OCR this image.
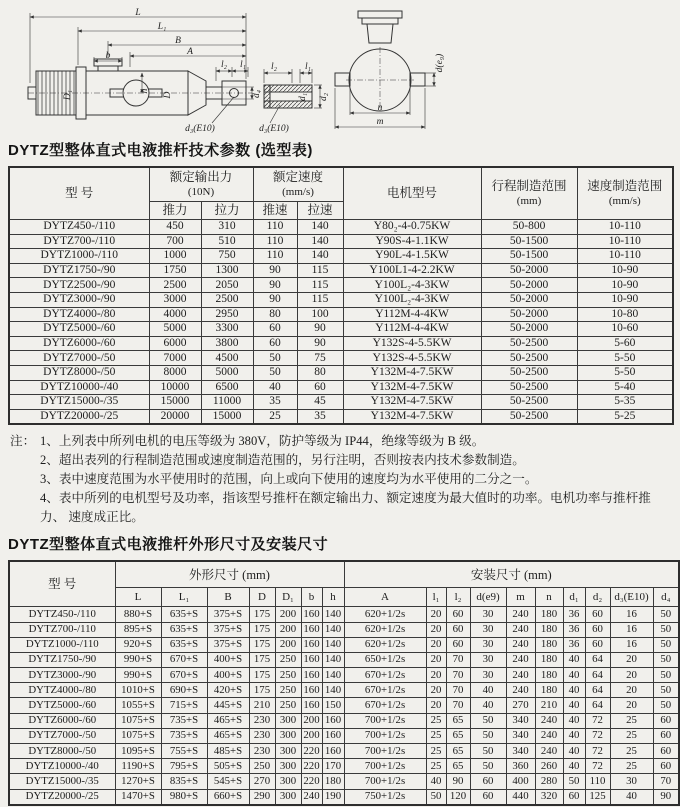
L
L₁
B
A
b
h
D₁	D
l₂ l₁
d₄
d₃(E10)
l₂	l₁
d₁ d₂
d₃(E10)
d(e₉)
n
m
DYTZ型整体直式电液推杆技术参数 (选型表)
型 号	
额定输出力
(10N)

额定速度
(mm/s)	电机型号	
行程制造范围
(mm)

速度制造范围
(mm/s)

	推力	拉力	推速	拉速			
DYTZ450-/110	450	310	110	140	Y80₂-4-0.75KW	50-800	10-110
DYTZ700-/110	700	510	110	140	Y90S-4-1.1KW	50-1500	10-110
DYTZ1000-/110	1000	750	110	140	Y90L-4-1.5KW	50-1500	10-110
DYTZ1750-/90	1750	1300	90	115	Y100L1-4-2.2KW	50-2000	10-90
DYTZ2500-/90	2500	2050	90	115	Y100L₂-4-3KW	50-2000	10-90
DYTZ3000-/90	3000	2500	90	115	Y100L₂-4-3KW	50-2000	10-90
DYTZ4000-/80	4000	2950	80	100	Y112M-4-4KW	50-2000	10-80
DYTZ5000-/60	5000	3300	60	90	Y112M-4-4KW	50-2000	10-60
DYTZ6000-/60	6000	3800	60	90	Y132S-4-5.5KW	50-2500	5-60
DYTZ7000-/50	7000	4500	50	75	Y132S-4-5.5KW	50-2500	5-50
DYTZ8000-/50	8000	5000	50	80	Y132M-4-7.5KW	50-2500	5-50
DYTZ10000-/40	10000	6500	40	60	Y132M-4-7.5KW	50-2500	5-40
DYTZ15000-/35	15000	11000	35	45	Y132M-4-7.5KW	50-2500	5-35
DYTZ20000-/25	20000	15000	25	35	Y132M-4-7.5KW	50-2500	5-25
注： 1、上列表中所列电机的电压等级为 380V，防护等级为 IP44，绝缘等级为 B 级。
2、超出表列的行程制造范围或速度制造范围的，另行注明，否则按表内技术参数制造。
3、表中速度范围为水平使用时的范围，向上或向下使用的速度均为水平使用的二分之一。
4、表中所列的电机型号及功率，指该型号推杆在额定输出力、额定速度为最大值时的功率。电机功率与推杆推力、 速度成正比。
DYTZ型整体直式电液推杆外形尺寸及安装尺寸
型 号	外形尺寸 (mm)							安装尺寸 (mm)									
	L	L₁	B	D	D₁	b	h	A	l₁	l₂	d(e9)	m	n	d₁	d₂	d₃(E10)	d₄
DYTZ450-/110	880+S	635+S	375+S	175	200	160	140	620+1/2s	20	60	30	240	180	36	60	16	50
DYTZ700-/110	895+S	635+S	375+S	175	200	160	140	620+1/2s	20	60	30	240	180	36	60	16	50
DYTZ1000-/110	920+S	635+S	375+S	175	200	160	140	620+1/2s	20	60	30	240	180	36	60	16	50
DYTZ1750-/90	990+S	670+S	400+S	175	250	160	140	650+1/2s	20	70	30	240	180	40	64	20	50
DYTZ3000-/90	990+S	670+S	400+S	175	250	160	140	670+1/2s	20	70	30	240	180	40	64	20	50
DYTZ4000-/80	1010+S	690+S	420+S	175	250	160	140	670+1/2s	20	70	40	240	180	40	64	20	50
DYTZ5000-/60	1055+S	715+S	445+S	210	250	160	150	670+1/2s	20	70	40	270	210	40	64	20	50
DYTZ6000-/60	1075+S	735+S	465+S	230	300	200	160	700+1/2s	25	65	50	340	240	40	72	25	60
DYTZ7000-/50	1075+S	735+S	465+S	230	300	200	160	700+1/2s	25	65	50	340	240	40	72	25	60
DYTZ8000-/50	1095+S	755+S	485+S	230	300	220	160	700+1/2s	25	65	50	340	240	40	72	25	60
DYTZ10000-/40	1190+S	795+S	505+S	250	300	220	170	700+1/2s	25	65	50	360	260	40	72	25	60
DYTZ15000-/35	1270+S	835+S	545+S	270	300	220	180	700+1/2s	40	90	60	400	280	50	110	30	70
DYTZ20000-/25	1470+S	980+S	660+S	290	300	240	190	750+1/2s	50	120	60	440	320	60	125	40	90
